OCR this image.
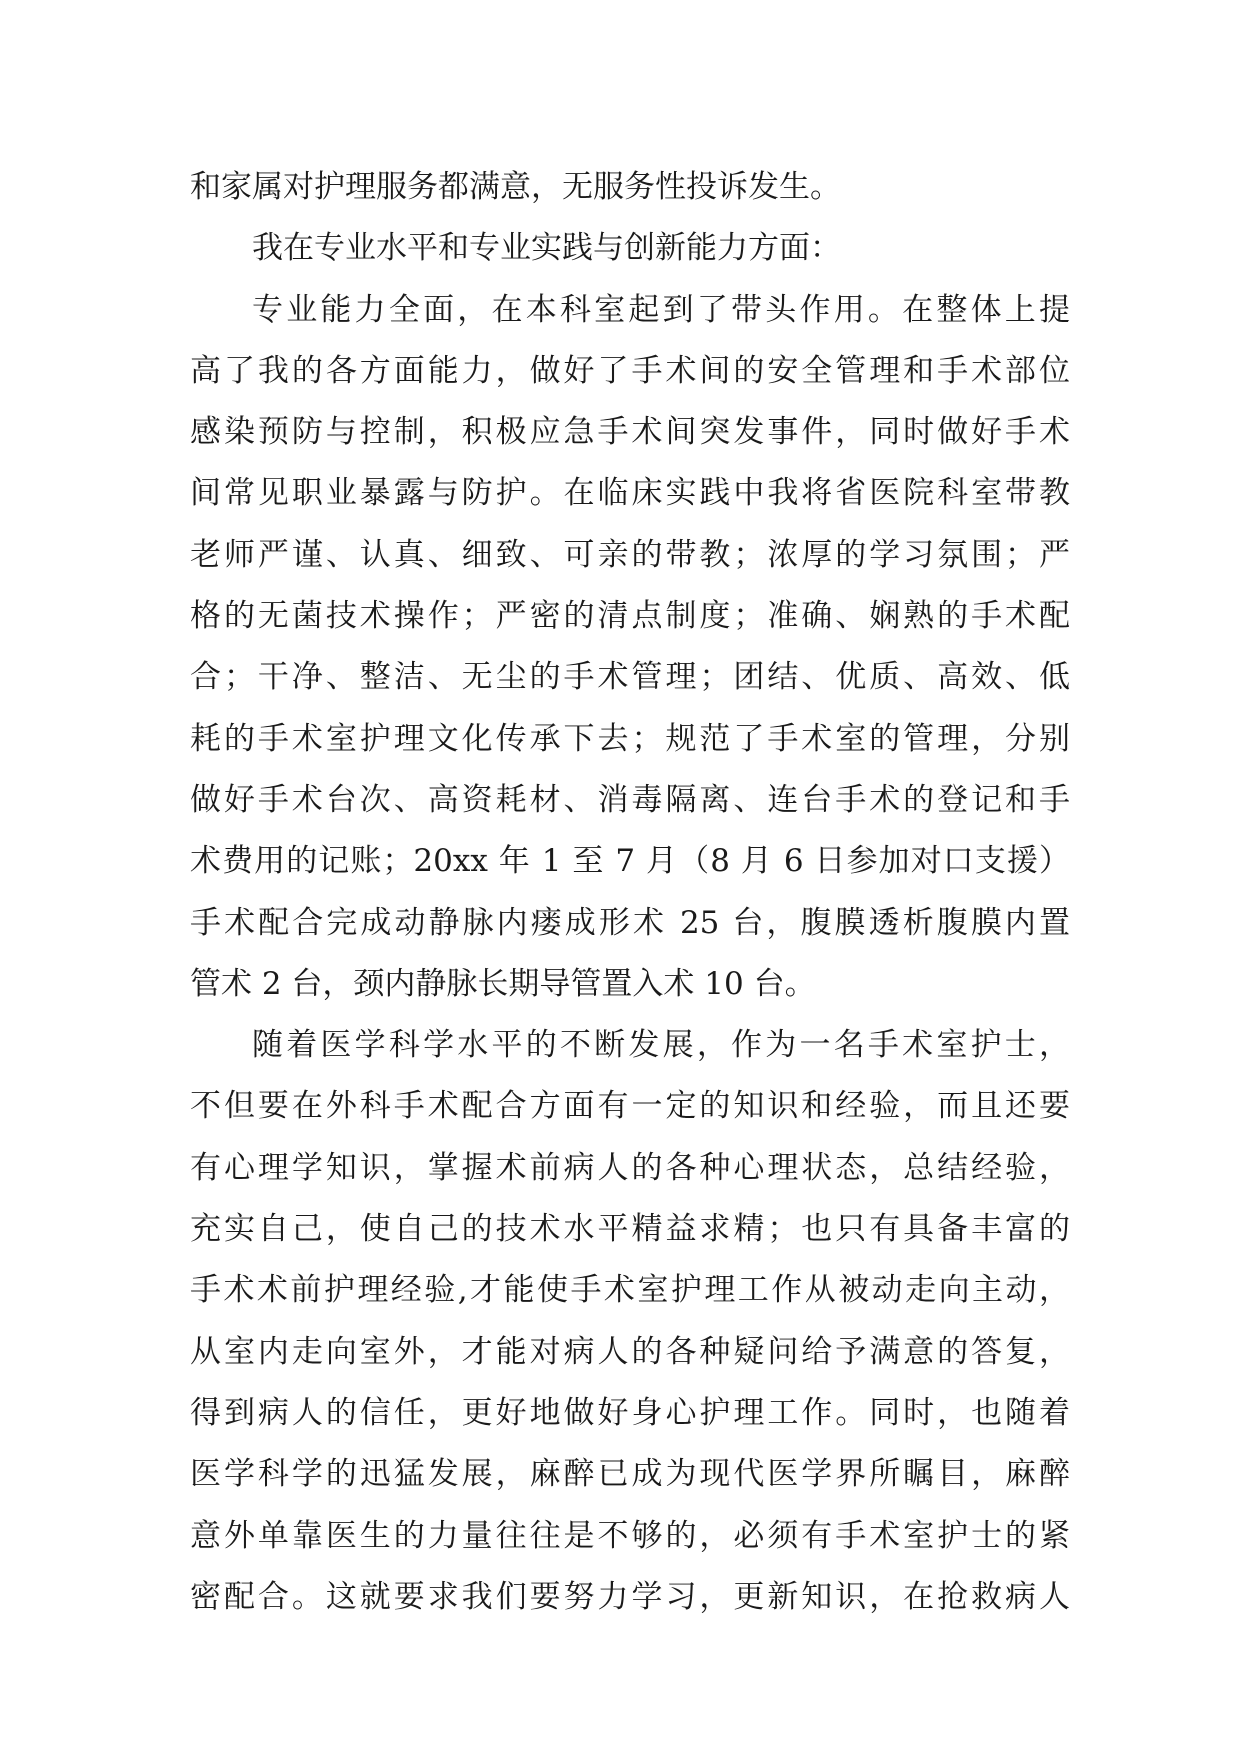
和家属对护理服务都满意，无服务性投诉发生。
我在专业水平和专业实践与创新能力方面：
专业能力全面，在本科室起到了带头作用。在整体上提
高了我的各方面能力，做好了手术间的安全管理和手术部位
感染预防与控制，积极应急手术间突发事件，同时做好手术
间常见职业暴露与防护。在临床实践中我将省医院科室带教
老师严谨、认真、细致、可亲的带教；浓厚的学习氛围；严
格的无菌技术操作；严密的清点制度；准确、娴熟的手术配
合；干净、整洁、无尘的手术管理；团结、优质、高效、低
耗的手术室护理文化传承下去；规范了手术室的管理，分别
做好手术台次、高资耗材、消毒隔离、连台手术的登记和手
术费用的记账；20xx 年 1 至 7 月（8 月 6 日参加对口支援）
手术配合完成动静脉内瘘成形术 25 台，腹膜透析腹膜内置
管术 2 台，颈内静脉长期导管置入术 10 台。
随着医学科学水平的不断发展，作为一名手术室护士，
不但要在外科手术配合方面有一定的知识和经验，而且还要
有心理学知识，掌握术前病人的各种心理状态，总结经验，
充实自己，使自己的技术水平精益求精；也只有具备丰富的
手术术前护理经验,才能使手术室护理工作从被动走向主动，
从室内走向室外，才能对病人的各种疑问给予满意的答复，
得到病人的信任，更好地做好身心护理工作。同时，也随着
医学科学的迅猛发展，麻醉已成为现代医学界所瞩目，麻醉
意外单靠医生的力量往往是不够的，必须有手术室护士的紧
密配合。这就要求我们要努力学习，更新知识，在抢救病人
